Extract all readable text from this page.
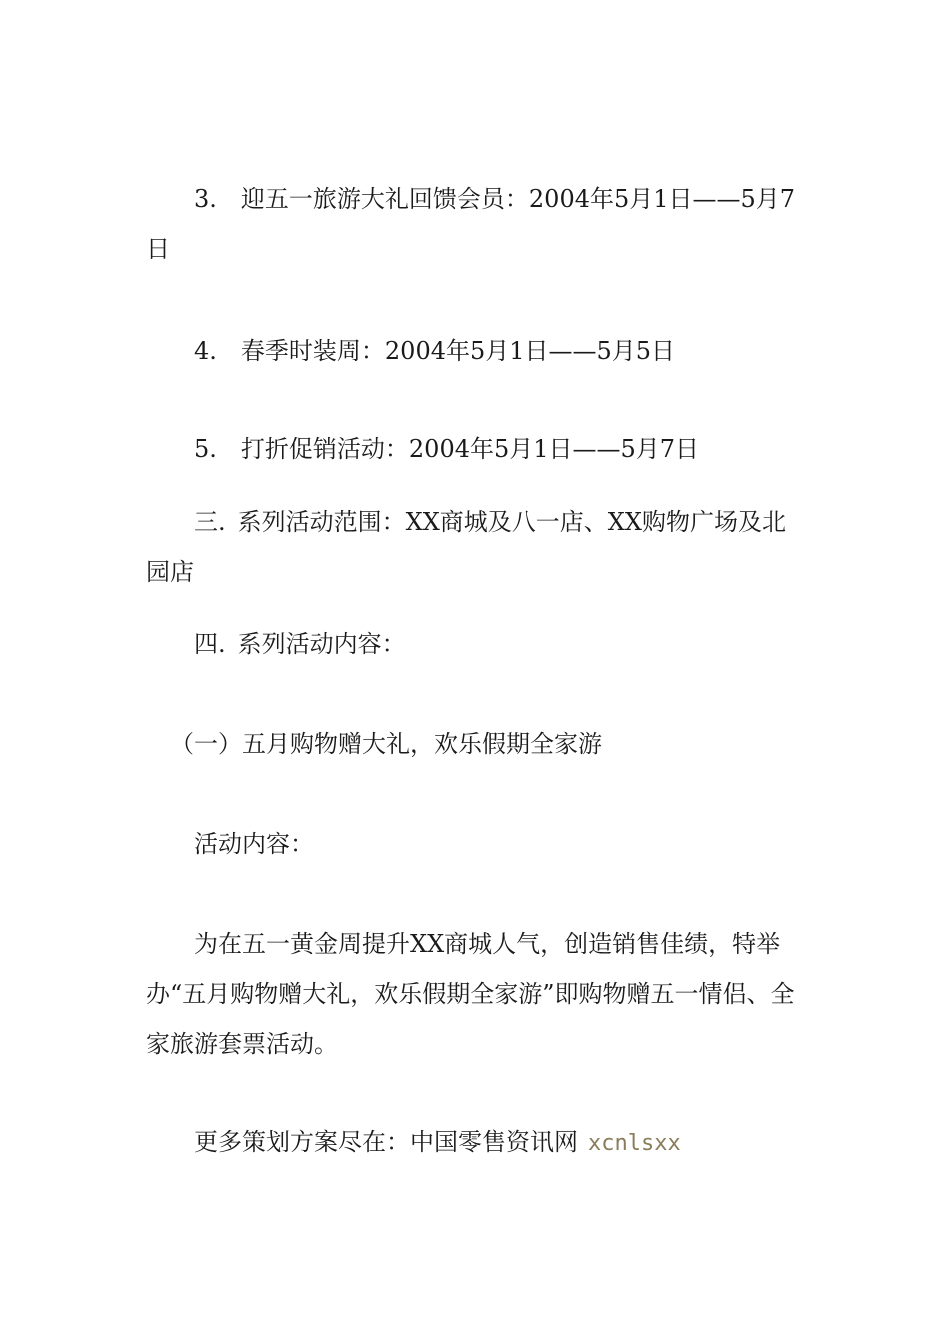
3. 迎五一旅游大礼回馈会员：2004年5月1日——5月7日

4. 春季时装周：2004年5月1日——5月5日

5. 打折促销活动：2004年5月1日——5月7日

三. 系列活动范围：XX商城及八一店、XX购物广场及北园店

四. 系列活动内容：

（一）五月购物赠大礼，欢乐假期全家游

活动内容：

为在五一黄金周提升XX商城人气，创造销售佳绩，特举办“五月购物赠大礼，欢乐假期全家游”即购物赠五一情侣、全家旅游套票活动。

更多策划方案尽在：中国零售资讯网 xcnlsxx
